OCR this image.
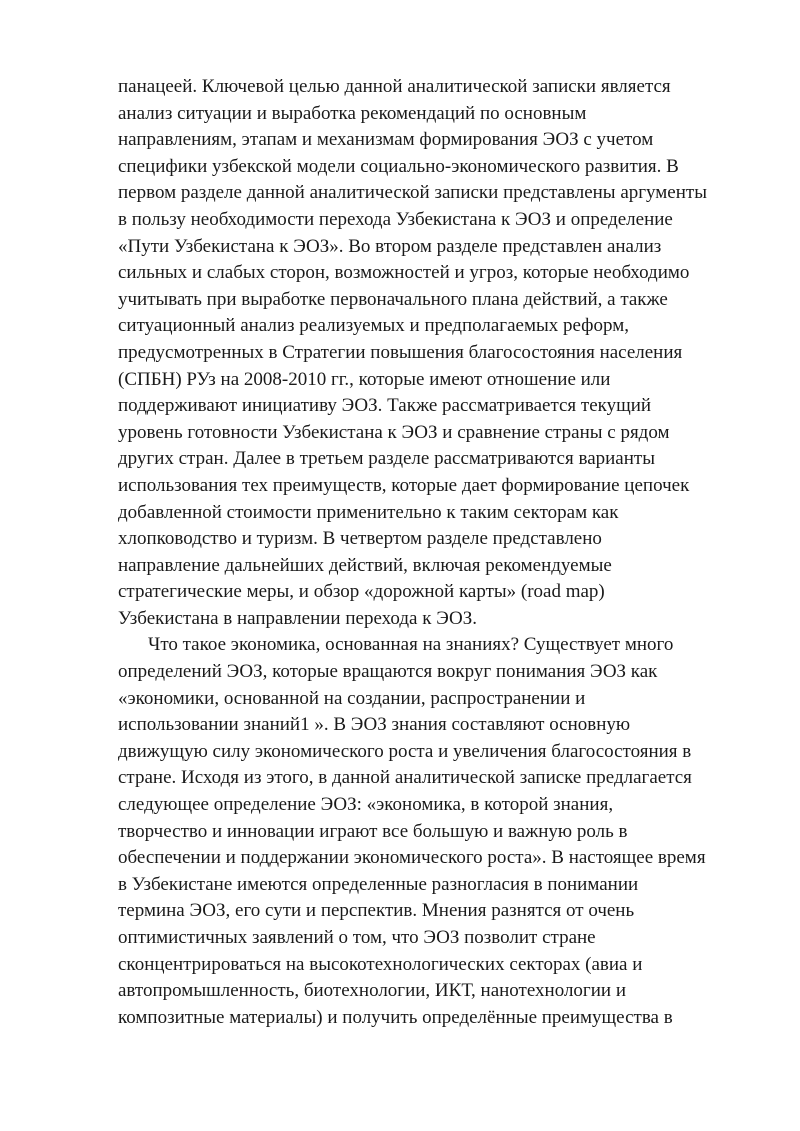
панацеей. Ключевой целью данной аналитической записки является
анализ ситуации и выработка рекомендаций по основным
направлениям, этапам и механизмам формирования ЭОЗ с учетом
специфики узбекской модели социально-экономического развития. В
первом разделе данной аналитической записки представлены аргументы
в пользу необходимости перехода Узбекистана к ЭОЗ и определение
«Пути Узбекистана к ЭОЗ». Во втором разделе представлен анализ
сильных и слабых сторон, возможностей и угроз, которые необходимо
учитывать при выработке первоначального плана действий, а также
ситуационный анализ реализуемых и предполагаемых реформ,
предусмотренных в Стратегии повышения благосостояния населения
(СПБН) РУз на 2008-2010 гг., которые имеют отношение или
поддерживают инициативу ЭОЗ. Также рассматривается текущий
уровень готовности Узбекистана к ЭОЗ и сравнение страны с рядом
других стран. Далее в третьем разделе рассматриваются варианты
использования тех преимуществ, которые дает формирование цепочек
добавленной стоимости применительно к таким секторам как
хлопководство и туризм. В четвертом разделе представлено
направление дальнейших действий, включая рекомендуемые
стратегические меры, и обзор «дорожной карты» (road map)
Узбекистана в направлении перехода к ЭОЗ.
Что такое экономика, основанная на знаниях? Существует много
определений ЭОЗ, которые вращаются вокруг понимания ЭОЗ как
«экономики, основанной на создании, распространении и
использовании знаний1 ». В ЭОЗ знания составляют основную
движущую силу экономического роста и увеличения благосостояния в
стране. Исходя из этого, в данной аналитической записке предлагается
следующее определение ЭОЗ: «экономика, в которой знания,
творчество и инновации играют все большую и важную роль в
обеспечении и поддержании экономического роста». В настоящее время
в Узбекистане имеются определенные разногласия в понимании
термина ЭОЗ, его сути и перспектив. Мнения разнятся от очень
оптимистичных заявлений о том, что ЭОЗ позволит стране
сконцентрироваться на высокотехнологических секторах (авиа и
автопромышленность, биотехнологии, ИКТ, нанотехнологии и
композитные материалы) и получить определённые преимущества в
